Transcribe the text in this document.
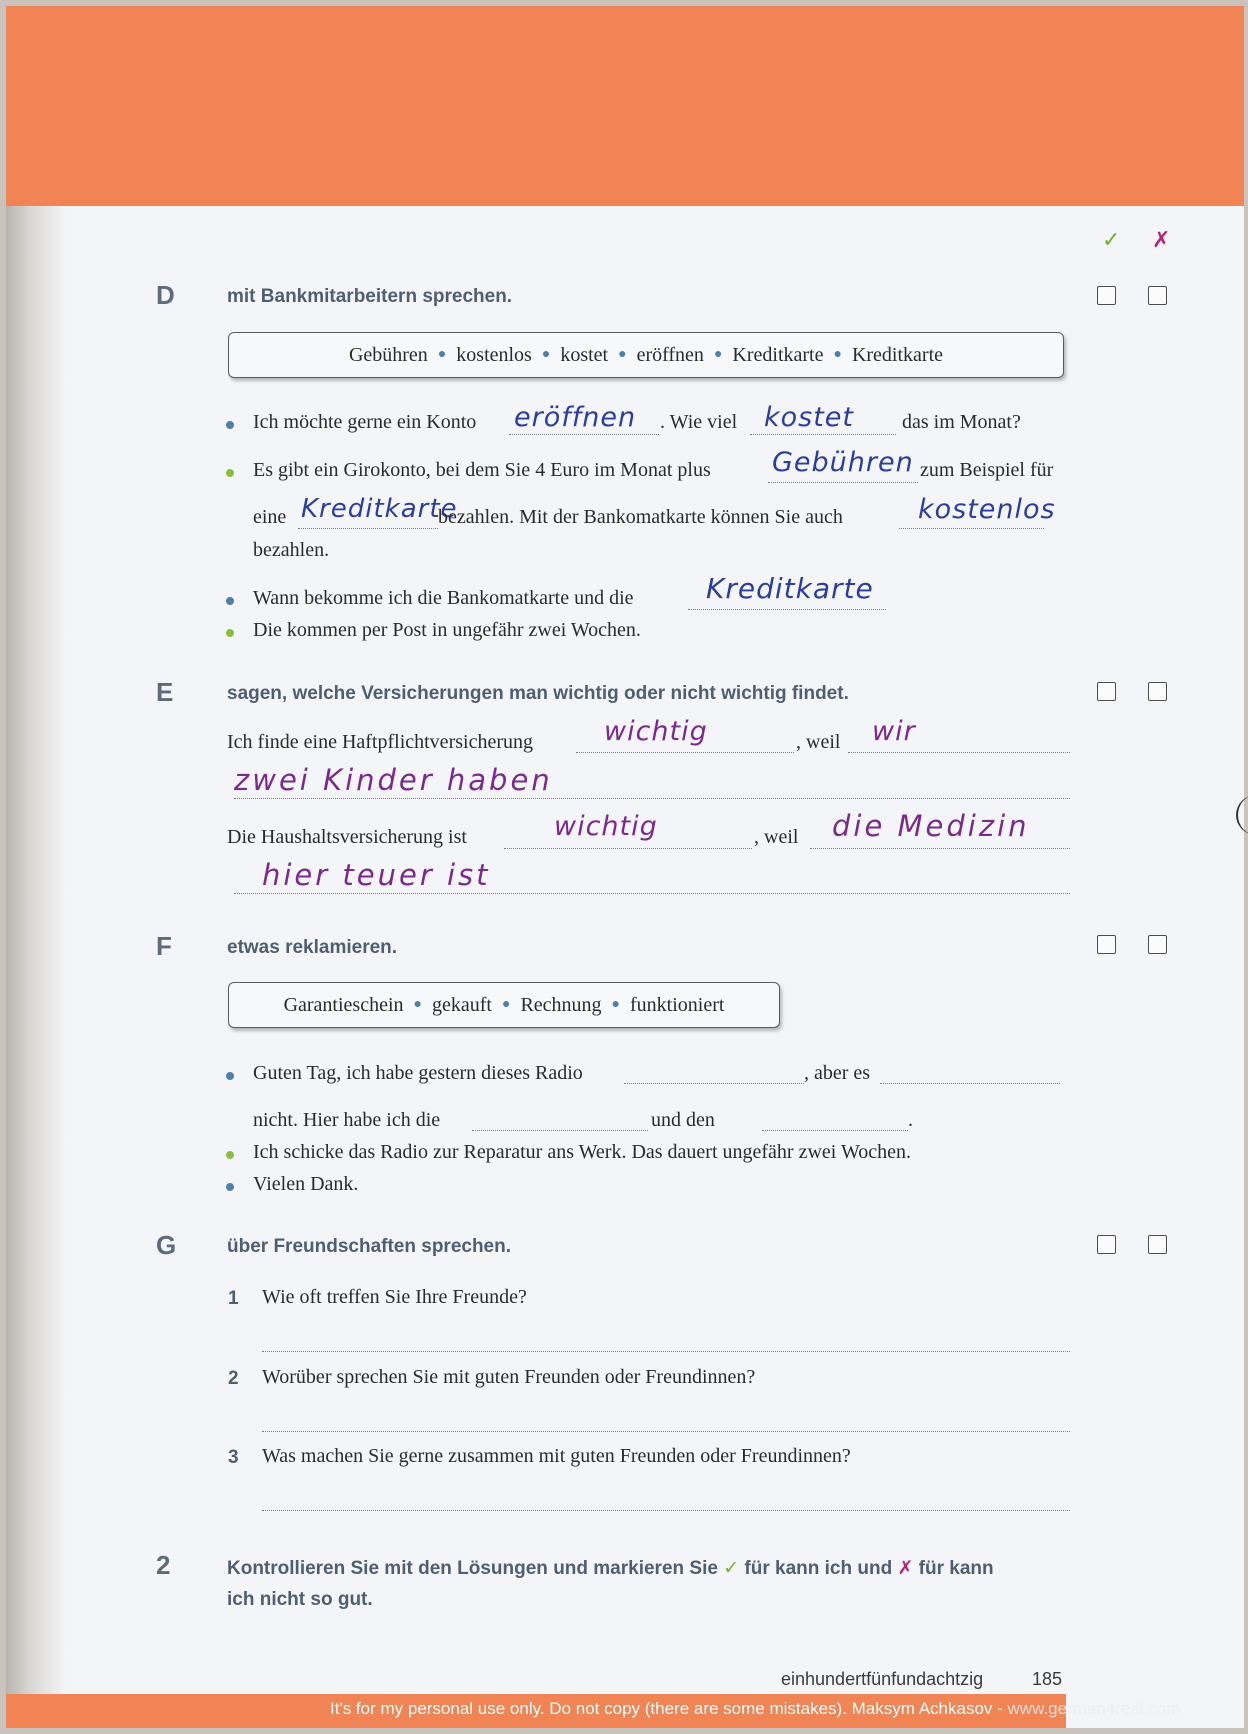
✓ ✗
D	mit Bankmitarbeitern sprechen.
Gebühren ● kostenlos ● kostet ● eröffnen ● Kreditkarte ● Kreditkarte
Ich möchte gerne ein Konto eröffnen . Wie viel kostet das im Monat?
Es gibt ein Girokonto, bei dem Sie 4 Euro im Monat plus Gebühren zum Beispiel für
eine Kreditkarte
bezahlen. Mit der Bankomatkarte können Sie auch	kostenlos
bezahlen.
Wann bekomme ich die Bankomatkarte und die	Kreditkarte
Die kommen per Post in ungefähr zwei Wochen.
E	sagen, welche Versicherungen man wichtig oder nicht wichtig findet.
Ich finde eine Haftpflichtversicherung	wichtig	, weil wir
zwei Kinder haben
Die Haushaltsversicherung ist	wichtig	, weil die Medizin
hier teuer ist
F	etwas reklamieren.
Garantieschein ● gekauft ● Rechnung ● funktioniert
Guten Tag, ich habe gestern dieses Radio	, aber es
nicht. Hier habe ich die	und den	.
Ich schicke das Radio zur Reparatur ans Werk. Das dauert ungefähr zwei Wochen.
Vielen Dank.
G	über Freundschaften sprechen.
1 Wie oft treffen Sie Ihre Freunde?
2 Worüber sprechen Sie mit guten Freunden oder Freundinnen?
3 Was machen Sie gerne zusammen mit guten Freunden oder Freundinnen?
2	Kontrollieren Sie mit den Lösungen und markieren Sie ✓ für kann ich und ✗ für kann
ich nicht so gut.
einhundertfünfundachtzig	185
It's for my personal use only. Do not copy (there are some mistakes). Maksym Achkasov - www.german4real.com
